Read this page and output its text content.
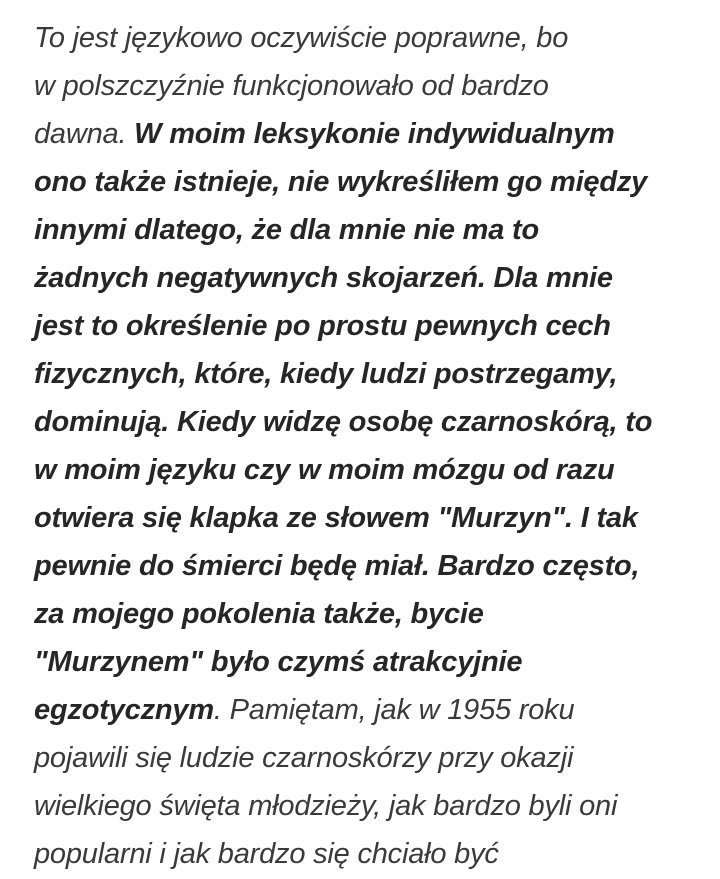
To jest językowo oczywiście poprawne, bo
w polszczyźnie funkcjonowało od bardzo
dawna. W moim leksykonie indywidualnym
ono także istnieje, nie wykreśliłem go między
innymi dlatego, że dla mnie nie ma to
żadnych negatywnych skojarzeń. Dla mnie
jest to określenie po prostu pewnych cech
fizycznych, które, kiedy ludzi postrzegamy,
dominują. Kiedy widzę osobę czarnoskórą, to
w moim języku czy w moim mózgu od razu
otwiera się klapka ze słowem "Murzyn". I tak
pewnie do śmierci będę miał. Bardzo często,
za mojego pokolenia także, bycie
"Murzynem" było czymś atrakcyjnie
egzotycznym. Pamiętam, jak w 1955 roku
pojawili się ludzie czarnoskórzy przy okazji
wielkiego święta młodzieży, jak bardzo byli oni
popularni i jak bardzo się chciało być
